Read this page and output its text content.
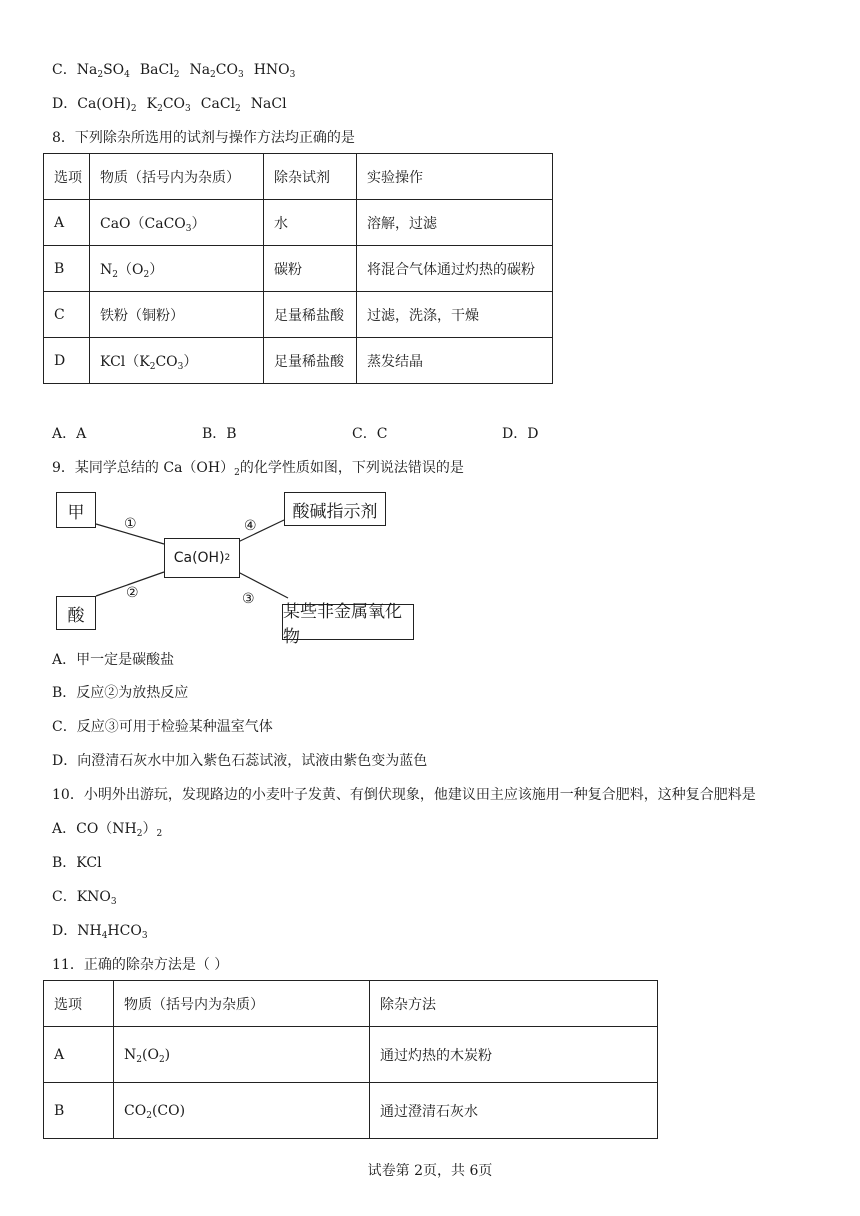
C．$Na_2SO_4$ BaCl$_2$ $Na_2CO_3$ $HNO_3$
D．$Ca(OH)_2$ $K_2CO_3$ CaCl$_2$ NaCl
8．下列除杂所选用的试剂与操作方法均正确的是
选项	物质（括号内为杂质）	除杂试剂	实验操作
A	CaO（CaCO$_3$）	水	溶解，过滤
B	$N_2(O_2)$	碳粉	将混合气体通过灼热的碳粉
C	铁粉（铜粉）	足量稀盐酸	过滤，洗涤，干燥
D	$KCl(K_2CO_3)$	足量稀盐酸	蒸发结晶
A．A	B．B	C．C	D．D
9．某同学总结的 $Ca(OH)_2$的化学性质如图，下列说法错误的是
甲
酸
Ca(OH) 2
酸碱指示剂
某些非金属氧化物
①
②	③
④
A．甲一定是碳酸盐
B．反应②为放热反应
C．反应③可用于检验某种温室气体
D．向澄清石灰水中加入紫色石蕊试液，试液由紫色变为蓝色
10．小明外出游玩，发现路边的小麦叶子发黄、有倒伏现象，他建议田主应该施用一种复合肥料，这种复合肥料是
A．$CO(NH_2)_2$
B．KCl
C．$KNO_3$
D．$NH_4HCO_3$
11．正确的除杂方法是（ ）
选项	物质（括号内为杂质）	除杂方法
A	$N_2(O_2)$	通过灼热的木炭粉
B	$CO_2(CO)$	通过澄清石灰水
试卷第 2页，共 6页
